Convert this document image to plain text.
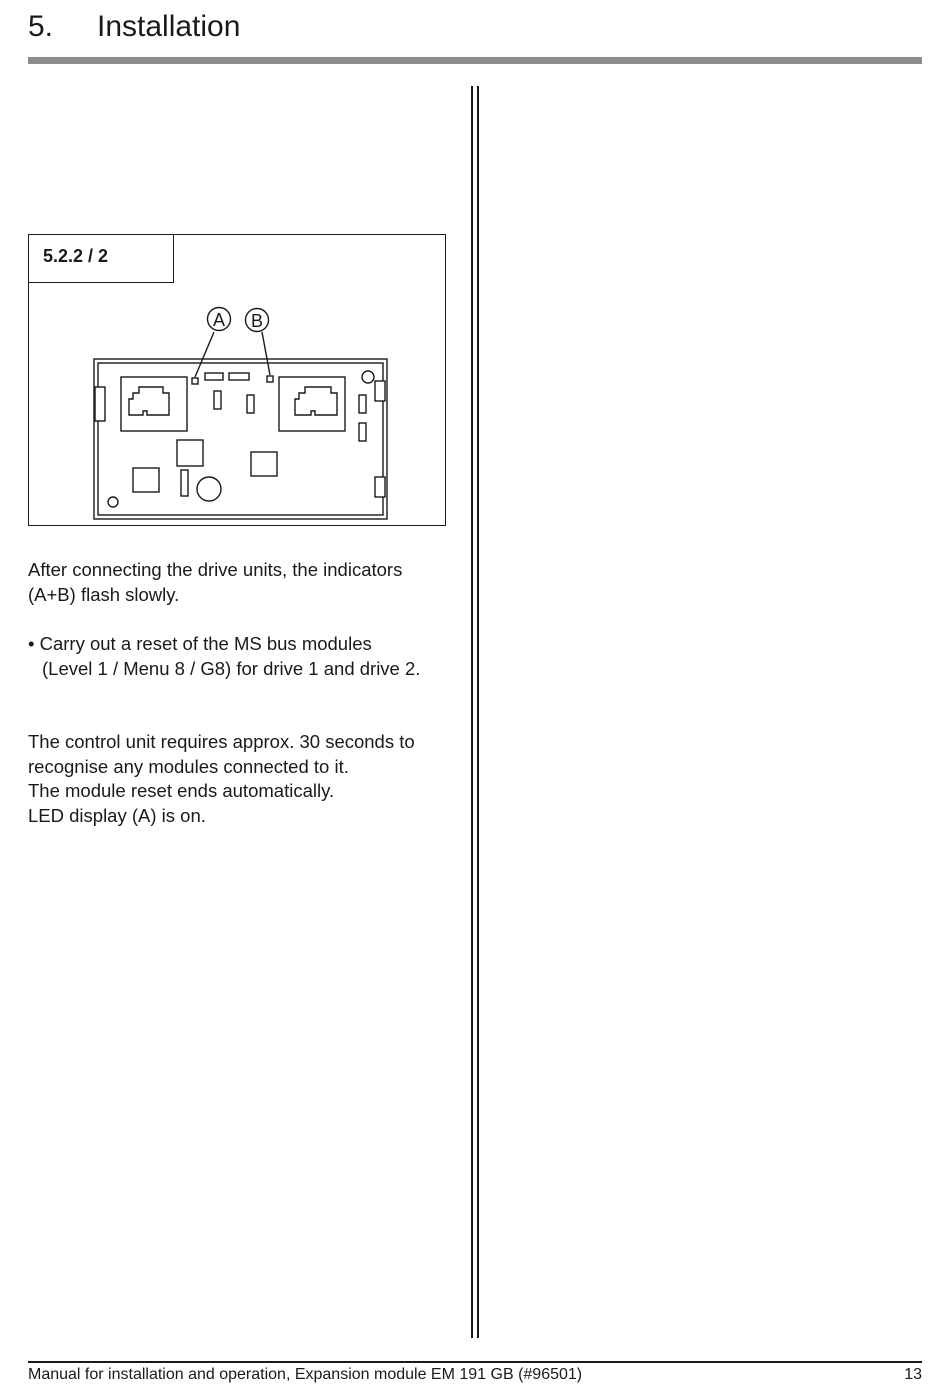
5. Installation
A B
5.2.2 / 2
After connecting the drive units, the indicators
(A+B) flash slowly.
• Carry out a reset of the MS bus modules
(Level 1 / Menu 8 / G8) for drive 1 and drive 2.
The control unit requires approx. 30 seconds to
recognise any modules connected to it.
The module reset ends automatically.
LED display (A) is on.
Manual for installation and operation, Expansion module EM 191 GB (#96501)	13
